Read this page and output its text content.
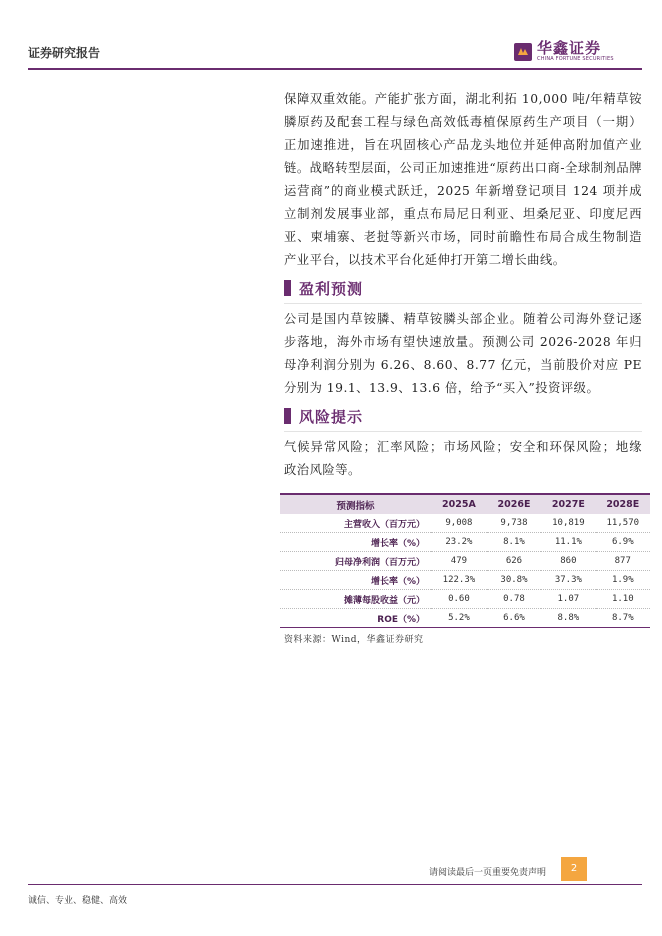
证券研究报告	华鑫证券
CHINA FORTUNE SECURITIES

保障双重效能。产能扩张方面，湖北利拓 10,000 吨/年精草铵膦原药及配套工程与绿色高效低毒植保原药生产项目（一期）正加速推进，旨在巩固核心产品龙头地位并延伸高附加值产业链。战略转型层面，公司正加速推进“原药出口商-全球制剂品牌运营商”的商业模式跃迁，2025 年新增登记项目 124 项并成立制剂发展事业部，重点布局尼日利亚、坦桑尼亚、印度尼西亚、柬埔寨、老挝等新兴市场，同时前瞻性布局合成生物制造产业平台，以技术平台化延伸打开第二增长曲线。

盈利预测

公司是国内草铵膦、精草铵膦头部企业。随着公司海外登记逐步落地，海外市场有望快速放量。预测公司 2026-2028 年归母净利润分别为 6.26、8.60、8.77 亿元，当前股价对应 PE 分别为 19.1、13.9、13.6 倍，给予“买入”投资评级。

风险提示

气候异常风险；汇率风险；市场风险；安全和环保风险；地缘政治风险等。

预测指标	2025A	2026E	2027E	2028E
主营收入（百万元）	9,008	9,738	10,819	11,570
增长率（%）	23.2%	8.1%	11.1%	6.9%
归母净利润（百万元）	479	626	860	877
增长率（%）	122.3%	30.8%	37.3%	1.9%
摊薄每股收益（元）	0.60	0.78	1.07	1.10
ROE（%）	5.2%	6.6%	8.8%	8.7%
资料来源：Wind，华鑫证券研究
请阅读最后一页重要免责声明	2
诚信、专业、稳健、高效
